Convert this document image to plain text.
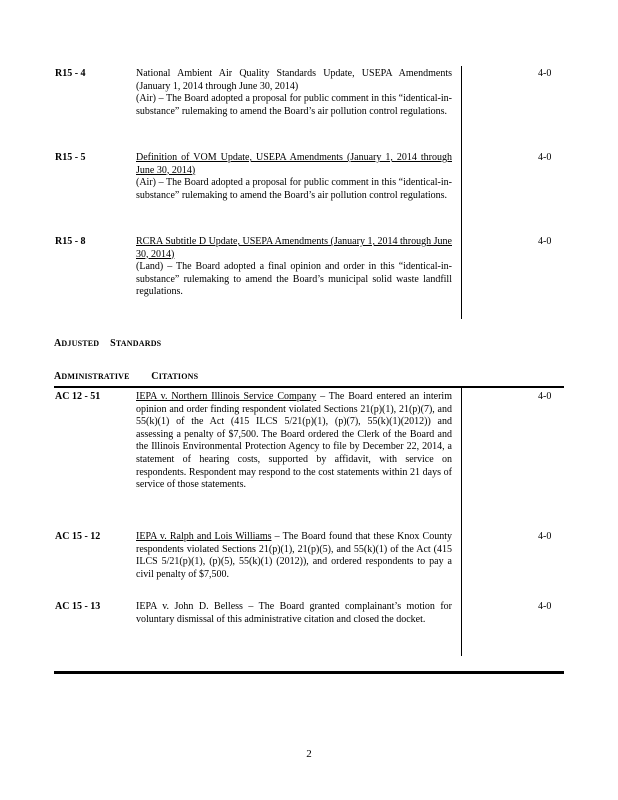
R15 - 4	National Ambient Air Quality Standards Update, USEPA Amendments (January 1, 2014 through June 30, 2014)
(Air) – The Board adopted a proposal for public comment in this “identical-in-substance” rulemaking to amend the Board’s air pollution control regulations.
4-0
R15 - 5	Definition of VOM Update, USEPA Amendments (January 1, 2014 through June 30, 2014)
(Air) – The Board adopted a proposal for public comment in this “identical-in-substance” rulemaking to amend the Board’s air pollution control regulations.
4-0
R15 - 8	RCRA Subtitle D Update, USEPA Amendments (January 1, 2014 through June 30, 2014)
(Land) – The Board adopted a final opinion and order in this “identical-in-substance” rulemaking to amend the Board’s municipal solid waste landfill regulations.
4-0
ADJUSTED STANDARDS
ADMINISTRATIVE CITATIONS
AC 12 - 51	IEPA v. Northern Illinois Service Company – The Board entered an interim opinion and order finding respondent violated Sections 21(p)(1), 21(p)(7), and 55(k)(1) of the Act (415 ILCS 5/21(p)(1), (p)(7), 55(k)(1)(2012)) and assessing a penalty of $7,500. The Board ordered the Clerk of the Board and the Illinois Environmental Protection Agency to file by December 22, 2014, a statement of hearing costs, supported by affidavit, with service on respondents. Respondent may respond to the cost statements within 21 days of service of those statements.
4-0
AC 15 - 12	IEPA v. Ralph and Lois Williams – The Board found that these Knox County respondents violated Sections 21(p)(1), 21(p)(5), and 55(k)(1) of the Act (415 ILCS 5/21(p)(1), (p)(5), 55(k)(1) (2012)), and ordered respondents to pay a civil penalty of $7,500.
4-0
AC 15 - 13	IEPA v. John D. Belless – The Board granted complainant’s motion for voluntary dismissal of this administrative citation and closed the docket.
4-0
2
